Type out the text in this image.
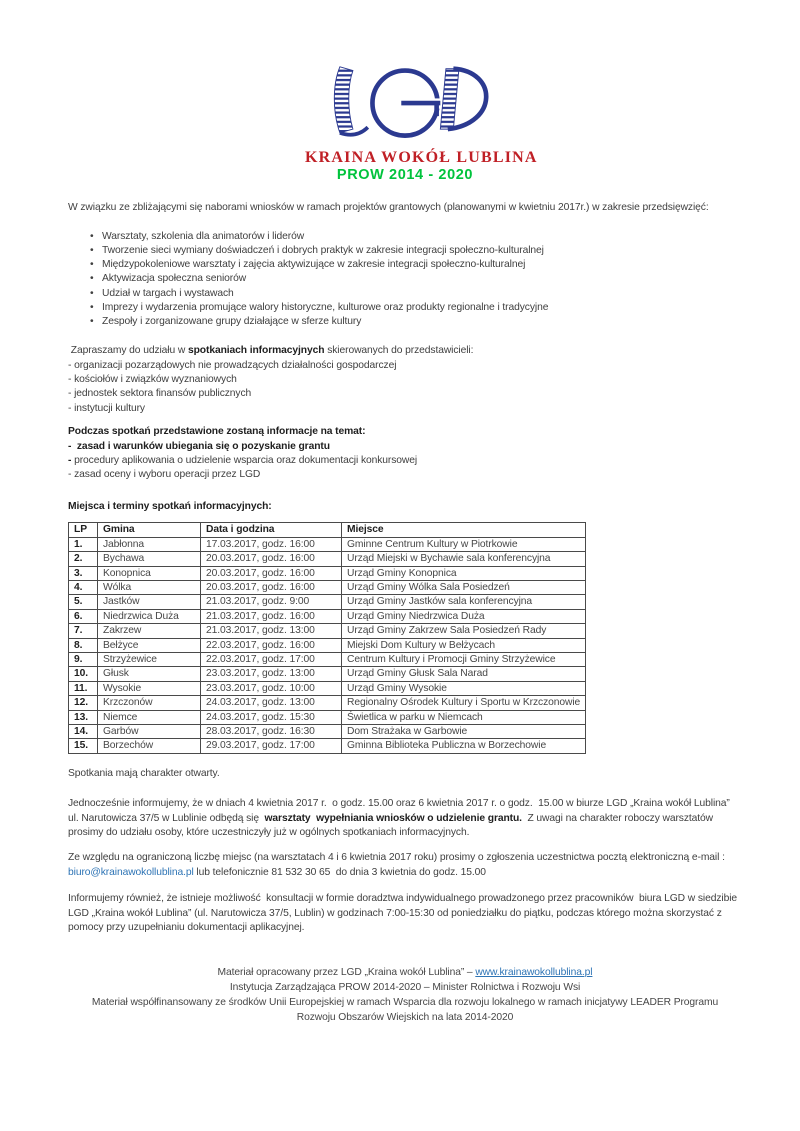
KRAINA WOKÓŁ LUBLINA
PROW 2014 - 2020

W związku ze zbliżającymi się naborami wniosków w ramach projektów grantowych (planowanymi w kwietniu 2017r.) w zakresie przedsięwzięć:

• Warsztaty, szkolenia dla animatorów i liderów
• Tworzenie sieci wymiany doświadczeń i dobrych praktyk w zakresie integracji społeczno-kulturalnej
• Międzypokoleniowe warsztaty i zajęcia aktywizujące w zakresie integracji społeczno-kulturalnej
• Aktywizacja społeczna seniorów
• Udział w targach i wystawach
• Imprezy i wydarzenia promujące walory historyczne, kulturowe oraz produkty regionalne i tradycyjne
• Zespoły i zorganizowane grupy działające w sferze kultury

Zapraszamy do udziału w spotkaniach informacyjnych skierowanych do przedstawicieli:

- organizacji pozarządowych nie prowadzących działalności gospodarczej

- kościołów i związków wyznaniowych

- jednostek sektora finansów publicznych

- instytucji kultury

Podczas spotkań przedstawione zostaną informacje na temat:

-  zasad i warunków ubiegania się o pozyskanie grantu

- procedury aplikowania o udzielenie wsparcia oraz dokumentacji konkursowej

- zasad oceny i wyboru operacji przez LGD

Miejsca i terminy spotkań informacyjnych:

LP	Gmina	Data i godzina	Miejsce
1.	Jabłonna	17.03.2017, godz. 16:00	Gminne Centrum Kultury w Piotrkowie
2.	Bychawa	20.03.2017, godz. 16:00	Urząd Miejski w Bychawie sala konferencyjna
3.	Konopnica	20.03.2017, godz. 16:00	Urząd Gminy Konopnica
4.	Wólka	20.03.2017, godz. 16:00	Urząd Gminy Wólka Sala Posiedzeń
5.	Jastków	21.03.2017, godz. 9:00	Urząd Gminy Jastków sala konferencyjna
6.	Niedrzwica Duża	21.03.2017, godz. 16:00	Urząd Gminy Niedrzwica Duża
7.	Zakrzew	21.03.2017, godz. 13:00	Urząd Gminy Zakrzew Sala Posiedzeń Rady
8.	Bełżyce	22.03.2017, godz. 16:00	Miejski Dom Kultury w Bełżycach
9.	Strzyżewice	22.03.2017, godz. 17:00	Centrum Kultury i Promocji Gminy Strzyżewice
10.	Głusk	23.03.2017, godz. 13:00	Urząd Gminy Głusk Sala Narad
11.	Wysokie	23.03.2017, godz. 10:00	Urząd Gminy Wysokie
12.	Krzczonów	24.03.2017, godz. 13:00	Regionalny Ośrodek Kultury i Sportu w Krzczonowie
13.	Niemce	24.03.2017, godz. 15:30	Świetlica w parku w Niemcach
14.	Garbów	28.03.2017, godz. 16:30	Dom Strażaka w Garbowie
15.	Borzechów	29.03.2017, godz. 17:00	Gminna Biblioteka Publiczna w Borzechowie

Spotkania mają charakter otwarty.

Jednocześnie informujemy, że w dniach 4 kwietnia 2017 r.  o godz. 15.00 oraz 6 kwietnia 2017 r. o godz.  15.00 w biurze LGD „Kraina wokół Lublina” ul. Narutowicza 37/5 w Lublinie odbędą się  warsztaty  wypełniania wniosków o udzielenie grantu.  Z uwagi na charakter roboczy warsztatów prosimy do udziału osoby, które uczestniczyły już w ogólnych spotkaniach informacyjnych.

Ze względu na ograniczoną liczbę miejsc (na warsztatach 4 i 6 kwietnia 2017 roku) prosimy o zgłoszenia uczestnictwa pocztą elektroniczną e-mail : biuro@krainawokollublina.pl lub telefonicznie 81 532 30 65  do dnia 3 kwietnia do godz. 15.00

Informujemy również, że istnieje możliwość  konsultacji w formie doradztwa indywidualnego prowadzonego przez pracowników  biura LGD w siedzibie LGD „Kraina wokół Lublina” (ul. Narutowicza 37/5, Lublin) w godzinach 7:00-15:30 od poniedziałku do piątku, podczas którego można skorzystać z pomocy przy uzupełnianiu dokumentacji aplikacyjnej.

Materiał opracowany przez LGD „Kraina wokół Lublina” – www.krainawokollublina.pl

Instytucja Zarządzająca PROW 2014-2020 – Minister Rolnictwa i Rozwoju Wsi

Materiał współfinansowany ze środków Unii Europejskiej w ramach Wsparcia dla rozwoju lokalnego w ramach inicjatywy LEADER Programu

Rozwoju Obszarów Wiejskich na lata 2014-2020
